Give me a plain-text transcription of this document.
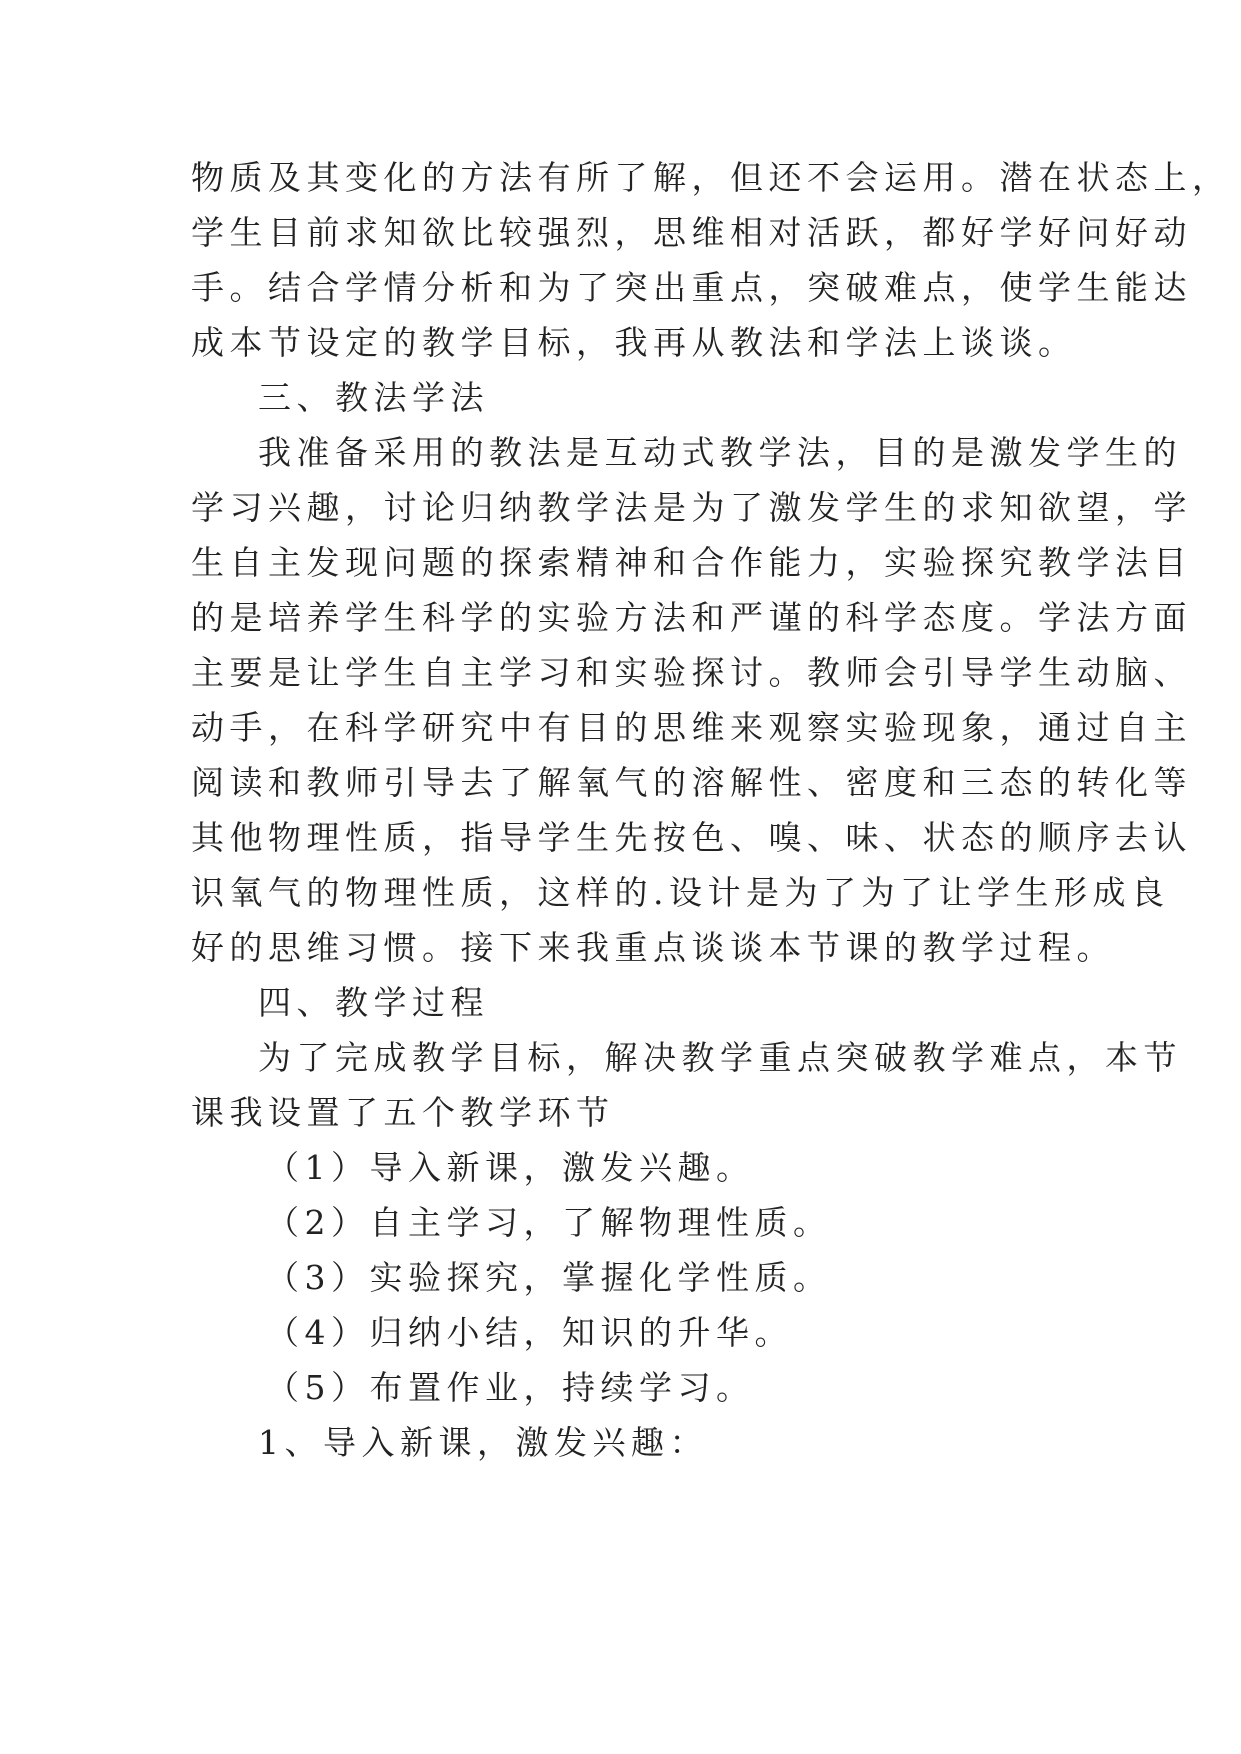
物质及其变化的方法有所了解，但还不会运用。潜在状态上，
学生目前求知欲比较强烈，思维相对活跃，都好学好问好动
手。结合学情分析和为了突出重点，突破难点，使学生能达
成本节设定的教学目标，我再从教法和学法上谈谈。
三、教法学法
我准备采用的教法是互动式教学法，目的是激发学生的
学习兴趣，讨论归纳教学法是为了激发学生的求知欲望，学
生自主发现问题的探索精神和合作能力，实验探究教学法目
的是培养学生科学的实验方法和严谨的科学态度。学法方面
主要是让学生自主学习和实验探讨。教师会引导学生动脑、
动手，在科学研究中有目的思维来观察实验现象，通过自主
阅读和教师引导去了解氧气的溶解性、密度和三态的转化等
其他物理性质，指导学生先按色、嗅、味、状态的顺序去认
识氧气的物理性质，这样的.设计是为了为了让学生形成良
好的思维习惯。接下来我重点谈谈本节课的教学过程。
四、教学过程
为了完成教学目标，解决教学重点突破教学难点，本节
课我设置了五个教学环节
（1）导入新课，激发兴趣。
（2）自主学习，了解物理性质。
（3）实验探究，掌握化学性质。
（4）归纳小结，知识的升华。
（5）布置作业，持续学习。
1、导入新课，激发兴趣：
